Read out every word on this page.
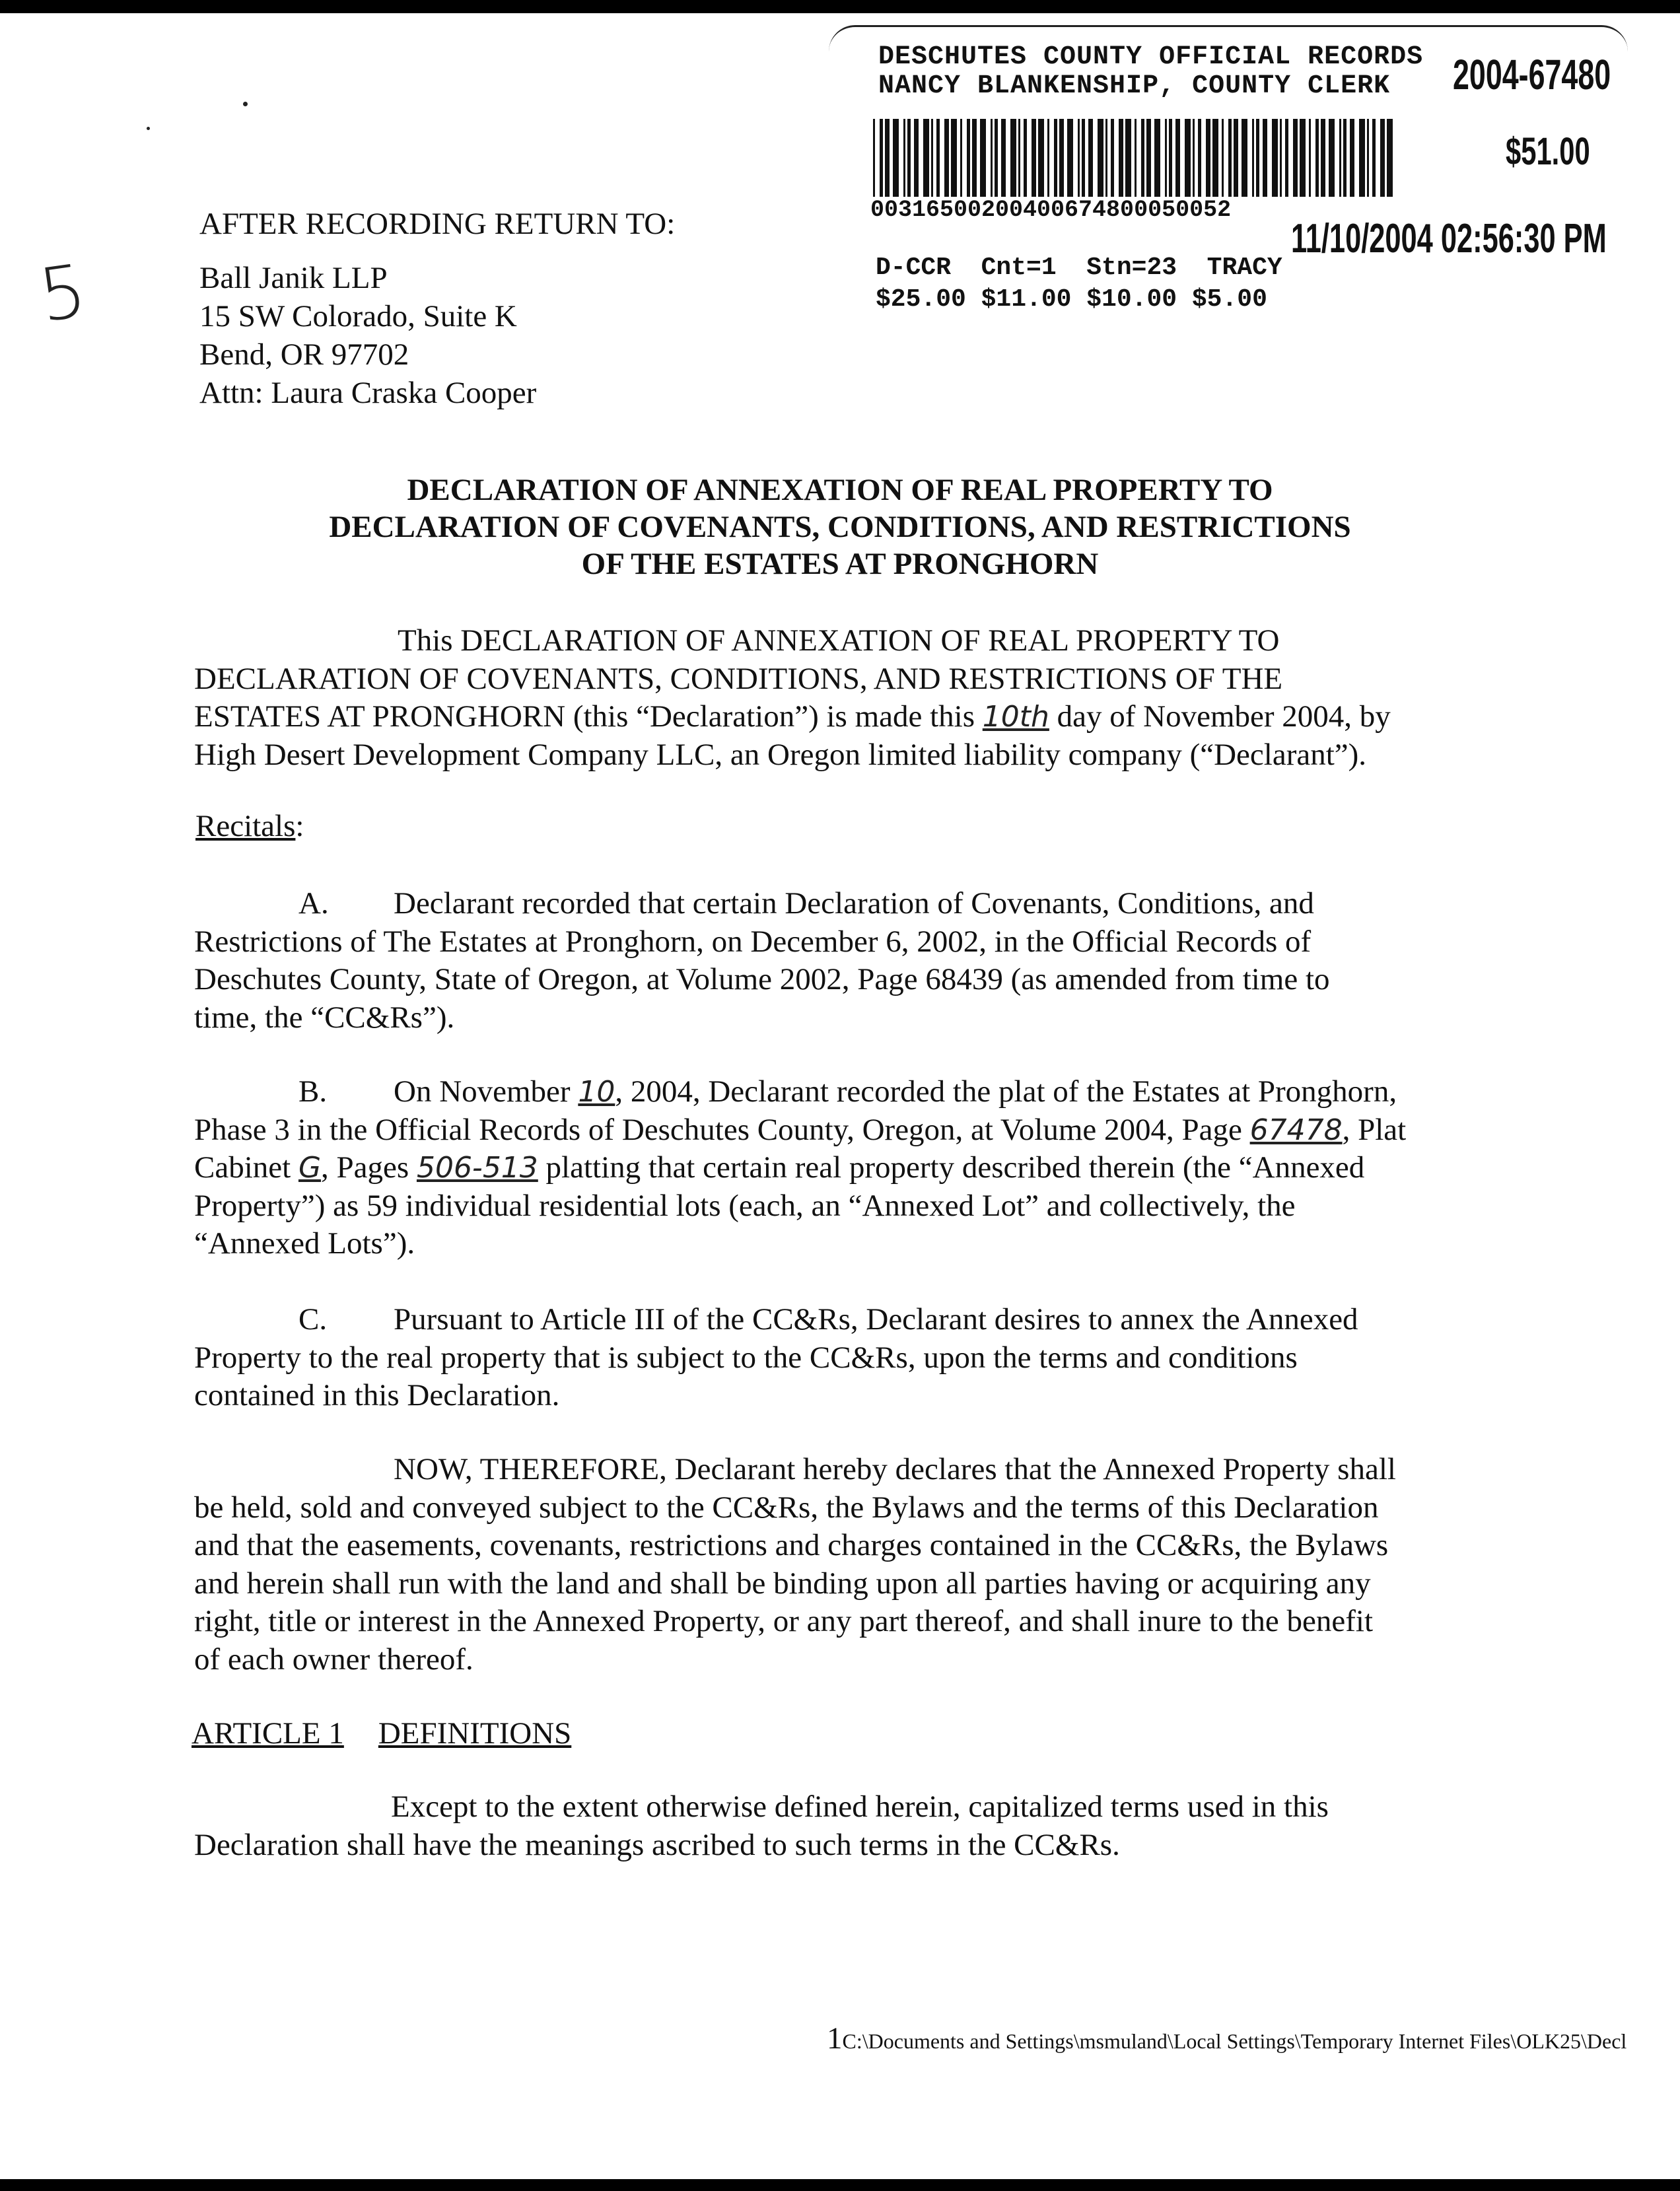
DESCHUTES COUNTY OFFICIAL RECORDS
NANCY BLANKENSHIP, COUNTY CLERK 2004-67480
$51.00
00316500200400674800050052
11/10/2004 02:56:30 PM
D-CCR  Cnt=1  Stn=23  TRACY
$25.00 $11.00 $10.00 $5.00
5
AFTER RECORDING RETURN TO:
Ball Janik LLP
15 SW Colorado, Suite K
Bend, OR 97702
Attn: Laura Craska Cooper
DECLARATION OF ANNEXATION OF REAL PROPERTY TO
DECLARATION OF COVENANTS, CONDITIONS, AND RESTRICTIONS
OF THE ESTATES AT PRONGHORN
This DECLARATION OF ANNEXATION OF REAL PROPERTY TO
DECLARATION OF COVENANTS, CONDITIONS, AND RESTRICTIONS OF THE
ESTATES AT PRONGHORN (this “Declaration”) is made this 10th day of November 2004, by
High Desert Development Company LLC, an Oregon limited liability company (“Declarant”).
Recitals:
A. Declarant recorded that certain Declaration of Covenants, Conditions, and
Restrictions of The Estates at Pronghorn, on December 6, 2002, in the Official Records of
Deschutes County, State of Oregon, at Volume 2002, Page 68439 (as amended from time to
time, the “CC&Rs”).
B. On November 10, 2004, Declarant recorded the plat of the Estates at Pronghorn,
Phase 3 in the Official Records of Deschutes County, Oregon, at Volume 2004, Page 67478, Plat
Cabinet G, Pages 506-513 platting that certain real property described therein (the “Annexed
Property”) as 59 individual residential lots (each, an “Annexed Lot” and collectively, the
“Annexed Lots”).
C. Pursuant to Article III of the CC&Rs, Declarant desires to annex the Annexed
Property to the real property that is subject to the CC&Rs, upon the terms and conditions
contained in this Declaration.
NOW, THEREFORE, Declarant hereby declares that the Annexed Property shall
be held, sold and conveyed subject to the CC&Rs, the Bylaws and the terms of this Declaration
and that the easements, covenants, restrictions and charges contained in the CC&Rs, the Bylaws
and herein shall run with the land and shall be binding upon all parties having or acquiring any
right, title or interest in the Annexed Property, or any part thereof, and shall inure to the benefit
of each owner thereof.
ARTICLE 1 DEFINITIONS
Except to the extent otherwise defined herein, capitalized terms used in this
Declaration shall have the meanings ascribed to such terms in the CC&Rs.
1C:\Documents and Settings\msmuland\Local Settings\Temporary Internet Files\OLK25\Decl
